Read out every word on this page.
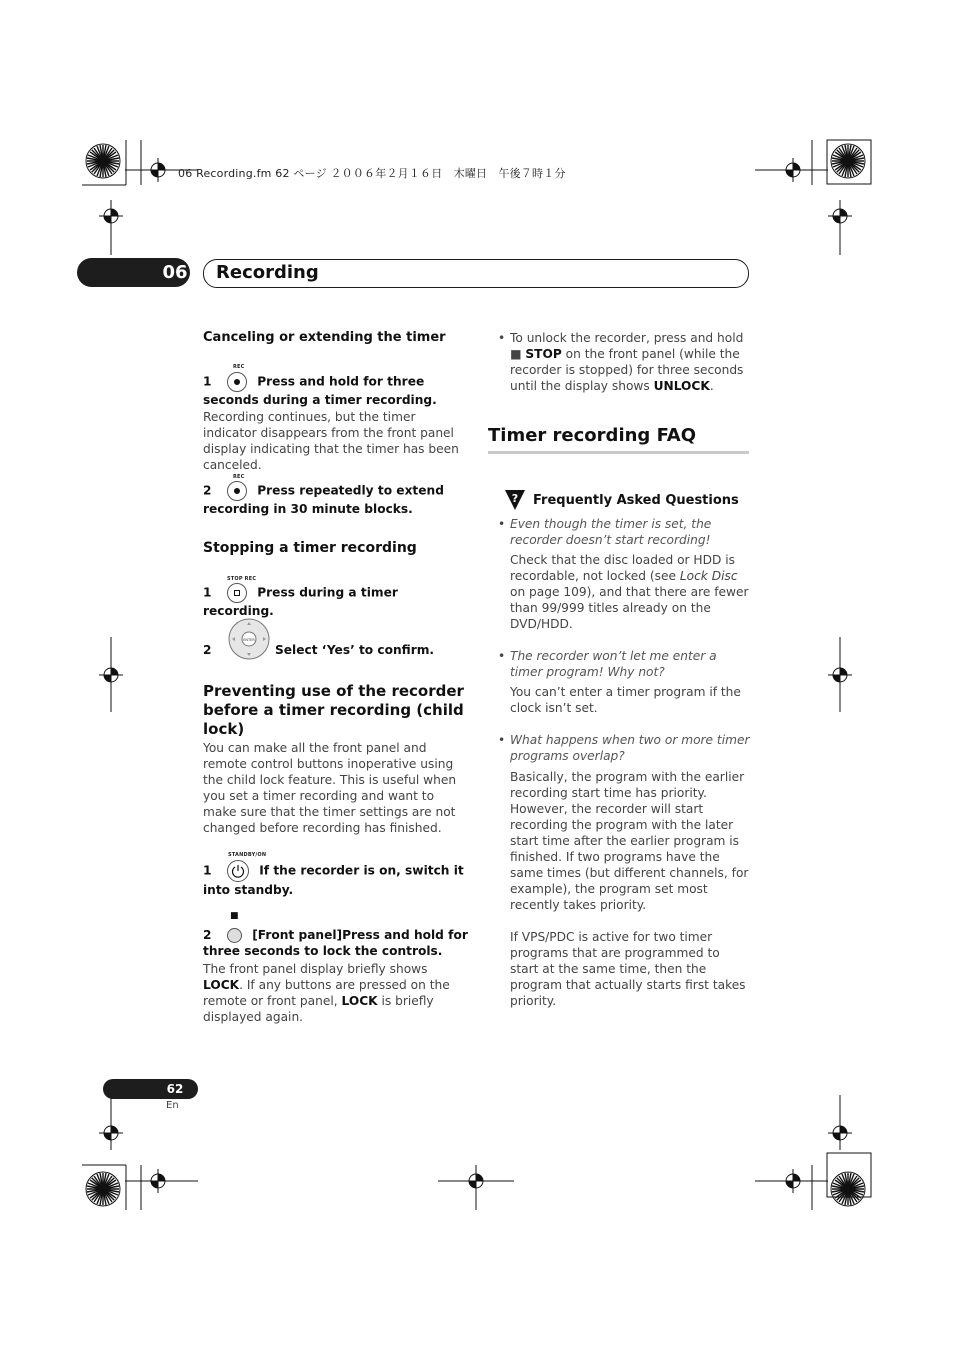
06 Recording.fm 62 ページ ２００６年２月１６日　木曜日　午後７時１分
06 Recording
Canceling or extending the timer
REC
1	Press and hold for three seconds during a timer recording.
Recording continues, but the timer indicator disappears from the front panel display indicating that the timer has been canceled.
REC
2	Press repeatedly to extend recording in 30 minute blocks.
Stopping a timer recording
STOP REC
1	Press during a timer recording.
2
ENTER
Select ‘Yes’ to confirm.
Preventing use of the recorder before a timer recording (child lock)
You can make all the front panel and remote control buttons inoperative using the child lock feature. This is useful when you set a timer recording and want to make sure that the timer settings are not changed before recording has finished.
STANDBY/ON
1	If the recorder is on, switch it into standby.
■
2	[Front panel]Press and hold for three seconds to lock the controls.
The front panel display briefly shows LOCK. If any buttons are pressed on the remote or front panel, LOCK is briefly displayed again.
• To unlock the recorder, press and hold ■ STOP on the front panel (while the recorder is stopped) for three seconds until the display shows UNLOCK.
Timer recording FAQ
? Frequently Asked Questions
• Even though the timer is set, the recorder doesn’t start recording!
Check that the disc loaded or HDD is recordable, not locked (see Lock Disc on page 109), and that there are fewer than 99/999 titles already on the DVD/HDD.
• The recorder won’t let me enter a timer program! Why not?
You can’t enter a timer program if the clock isn’t set.
• What happens when two or more timer programs overlap?
Basically, the program with the earlier recording start time has priority. However, the recorder will start recording the program with the later start time after the earlier program is finished. If two programs have the same times (but different channels, for example), the program set most recently takes priority.
If VPS/PDC is active for two timer programs that are programmed to start at the same time, then the program that actually starts first takes priority.
62
En
